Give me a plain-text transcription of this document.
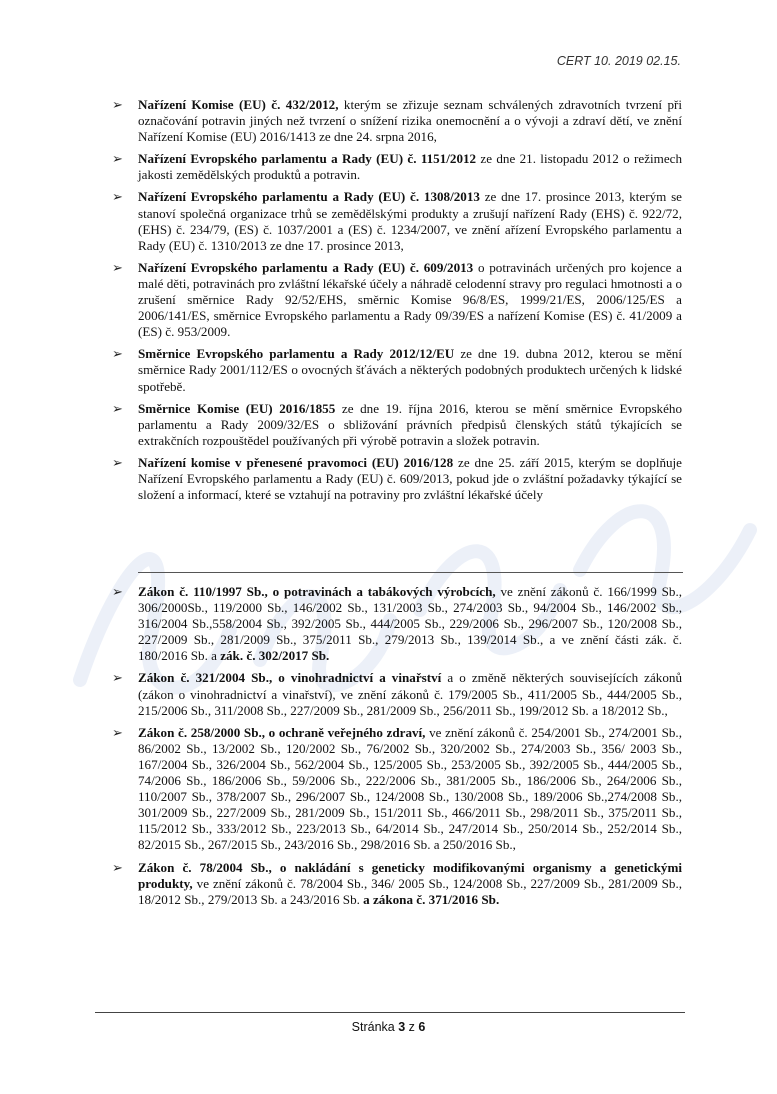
CERT 10. 2019 02.15.
➢ Nařízení Komise (EU) č. 432/2012, kterým se zřizuje seznam schválených zdravotních tvrzení při označování potravin jiných než tvrzení o snížení rizika onemocnění a o vývoji a zdraví dětí, ve znění Nařízení Komise (EU) 2016/1413 ze dne 24. srpna 2016,
➢ Nařízení Evropského parlamentu a Rady (EU) č. 1151/2012 ze dne 21. listopadu 2012 o režimech jakosti zemědělských produktů a potravin.
➢ Nařízení Evropského parlamentu a Rady (EU) č. 1308/2013 ze dne 17. prosince 2013, kterým se stanoví společná organizace trhů se zemědělskými produkty a zrušují nařízení Rady (EHS) č. 922/72, (EHS) č. 234/79, (ES) č. 1037/2001 a (ES) č. 1234/2007, ve znění ařízení Evropského parlamentu a Rady (EU) č. 1310/2013 ze dne 17. prosince 2013,
➢ Nařízení Evropského parlamentu a Rady (EU) č. 609/2013 o potravinách určených pro kojence a malé děti, potravinách pro zvláštní lékařské účely a náhradě celodenní stravy pro regulaci hmotnosti a o zrušení směrnice Rady 92/52/EHS, směrnic Komise 96/8/ES, 1999/21/ES, 2006/125/ES a 2006/141/ES, směrnice Evropského parlamentu a Rady 09/39/ES a nařízení Komise (ES) č. 41/2009 a (ES) č. 953/2009.
➢ Směrnice Evropského parlamentu a Rady 2012/12/EU ze dne 19. dubna 2012, kterou se mění směrnice Rady 2001/112/ES o ovocných šťávách a některých podobných produktech určených k lidské spotřebě.
➢ Směrnice Komise (EU) 2016/1855 ze dne 19. října 2016, kterou se mění směrnice Evropského parlamentu a Rady 2009/32/ES o sbližování právních předpisů členských států týkajících se extrakčních rozpouštědel používaných při výrobě potravin a složek potravin.
➢ Nařízení komise v přenesené pravomoci (EU) 2016/128 ze dne 25. září 2015, kterým se doplňuje Nařízení Evropského parlamentu a Rady (EU) č. 609/2013, pokud jde o zvláštní požadavky týkající se složení a informací, které se vztahují na potraviny pro zvláštní lékařské účely
➢ Zákon č. 110/1997 Sb., o potravinách a tabákových výrobcích, ve znění zákonů č. 166/1999 Sb., 306/2000Sb., 119/2000 Sb., 146/2002 Sb., 131/2003 Sb., 274/2003 Sb., 94/2004 Sb., 146/2002 Sb., 316/2004 Sb.,558/2004 Sb., 392/2005 Sb., 444/2005 Sb., 229/2006 Sb., 296/2007 Sb., 120/2008 Sb., 227/2009 Sb., 281/2009 Sb., 375/2011 Sb., 279/2013 Sb., 139/2014 Sb., a ve znění části zák. č. 180/2016 Sb. a zák. č. 302/2017 Sb.
➢ Zákon č. 321/2004 Sb., o vinohradnictví a vinařství a o změně některých souvisejících zákonů (zákon o vinohradnictví a vinařství), ve znění zákonů č. 179/2005 Sb., 411/2005 Sb., 444/2005 Sb., 215/2006 Sb., 311/2008 Sb., 227/2009 Sb., 281/2009 Sb., 256/2011 Sb., 199/2012 Sb. a 18/2012 Sb.,
➢ Zákon č. 258/2000 Sb., o ochraně veřejného zdraví, ve znění zákonů č. 254/2001 Sb., 274/2001 Sb., 86/2002 Sb., 13/2002 Sb., 120/2002 Sb., 76/2002 Sb., 320/2002 Sb., 274/2003 Sb., 356/ 2003 Sb., 167/2004 Sb., 326/2004 Sb., 562/2004 Sb., 125/2005 Sb., 253/2005 Sb., 392/2005 Sb., 444/2005 Sb., 74/2006 Sb., 186/2006 Sb., 59/2006 Sb., 222/2006 Sb., 381/2005 Sb., 186/2006 Sb., 264/2006 Sb., 110/2007 Sb., 378/2007 Sb., 296/2007 Sb., 124/2008 Sb., 130/2008 Sb., 189/2006 Sb.,274/2008 Sb., 301/2009 Sb., 227/2009 Sb., 281/2009 Sb., 151/2011 Sb., 466/2011 Sb., 298/2011 Sb., 375/2011 Sb., 115/2012 Sb., 333/2012 Sb., 223/2013 Sb., 64/2014 Sb., 247/2014 Sb., 250/2014 Sb., 252/2014 Sb., 82/2015 Sb., 267/2015 Sb., 243/2016 Sb., 298/2016 Sb. a 250/2016 Sb.,
➢ Zákon č. 78/2004 Sb., o nakládání s geneticky modifikovanými organismy a genetickými produkty, ve znění zákonů č. 78/2004 Sb., 346/ 2005 Sb., 124/2008 Sb., 227/2009 Sb., 281/2009 Sb., 18/2012 Sb., 279/2013 Sb. a 243/2016 Sb. a zákona č. 371/2016 Sb.
Stránka 3 z 6
